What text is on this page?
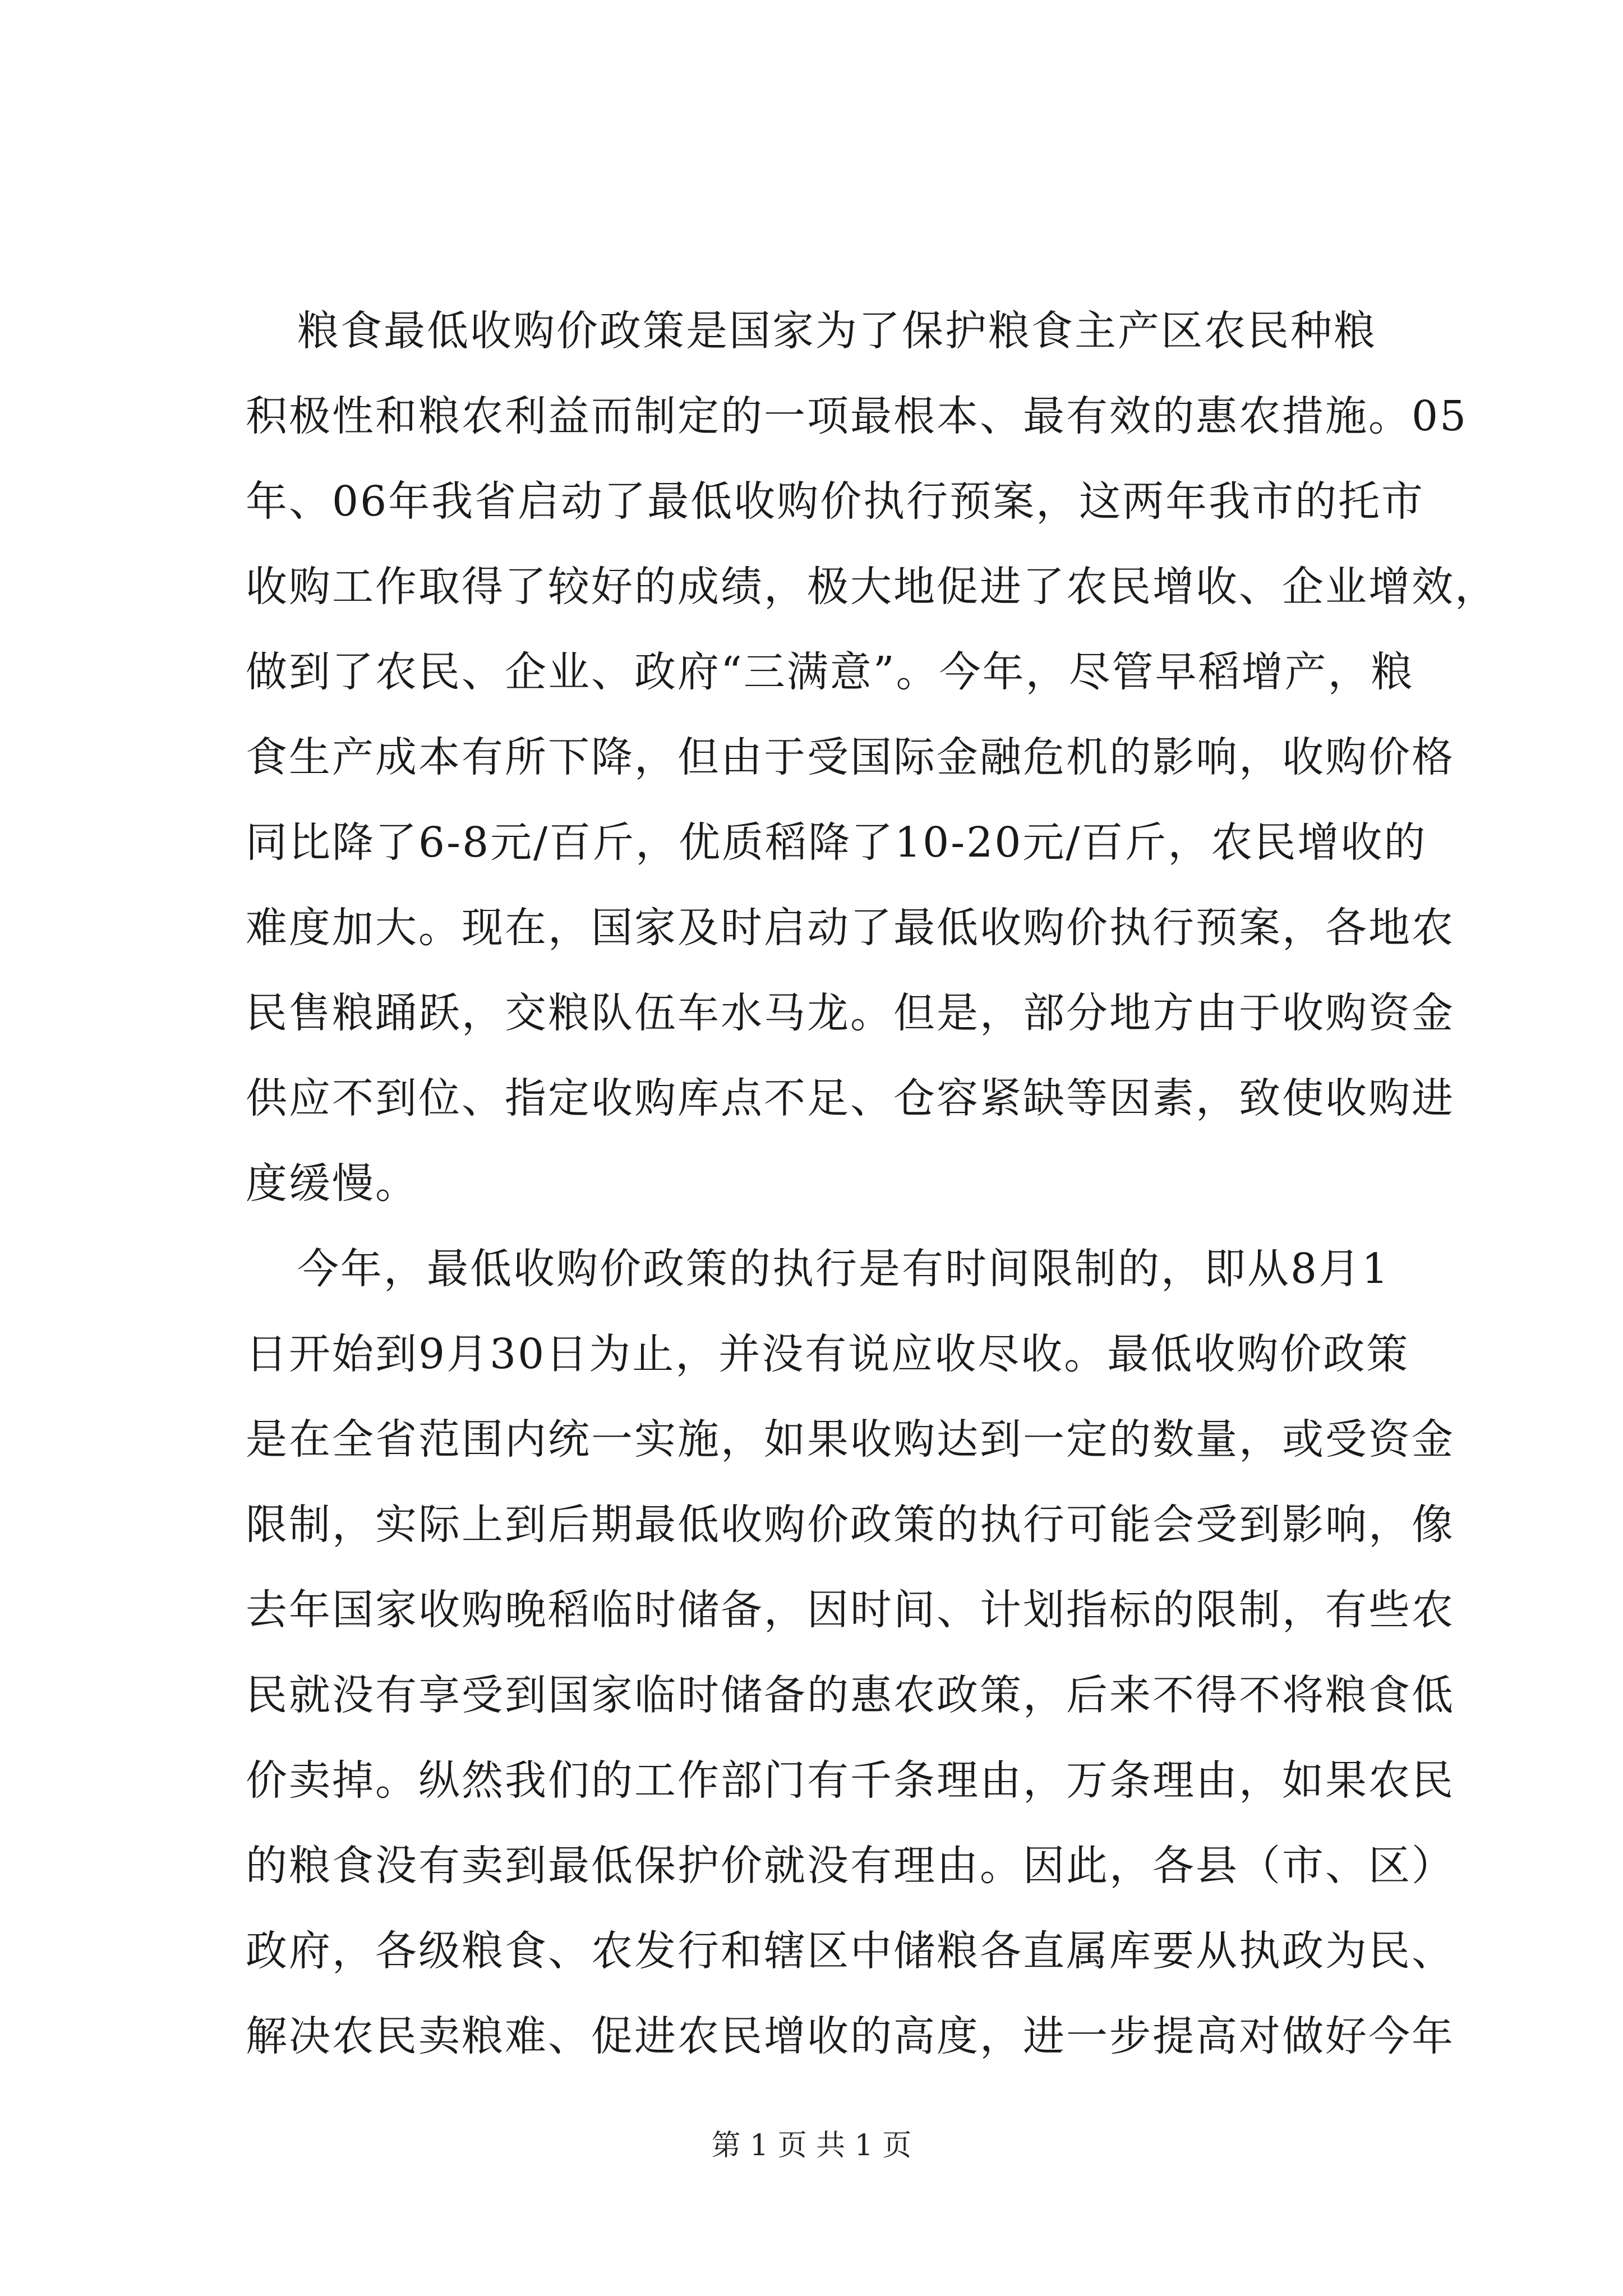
粮食最低收购价政策是国家为了保护粮食主产区农民种粮
积极性和粮农利益而制定的一项最根本、最有效的惠农措施。05
年、06年我省启动了最低收购价执行预案，这两年我市的托市
收购工作取得了较好的成绩，极大地促进了农民增收、企业增效，
做到了农民、企业、政府“三满意”。今年，尽管早稻增产，粮
食生产成本有所下降，但由于受国际金融危机的影响，收购价格
同比降了6-8元/百斤，优质稻降了10-20元/百斤，农民增收的
难度加大。现在，国家及时启动了最低收购价执行预案，各地农
民售粮踊跃，交粮队伍车水马龙。但是，部分地方由于收购资金
供应不到位、指定收购库点不足、仓容紧缺等因素，致使收购进
度缓慢。
今年，最低收购价政策的执行是有时间限制的，即从8月1
日开始到9月30日为止，并没有说应收尽收。最低收购价政策
是在全省范围内统一实施，如果收购达到一定的数量，或受资金
限制，实际上到后期最低收购价政策的执行可能会受到影响，像
去年国家收购晚稻临时储备，因时间、计划指标的限制，有些农
民就没有享受到国家临时储备的惠农政策，后来不得不将粮食低
价卖掉。纵然我们的工作部门有千条理由，万条理由，如果农民
的粮食没有卖到最低保护价就没有理由。因此，各县（市、区）
政府，各级粮食、农发行和辖区中储粮各直属库要从执政为民、
解决农民卖粮难、促进农民增收的高度，进一步提高对做好今年
第 1 页 共 1 页
